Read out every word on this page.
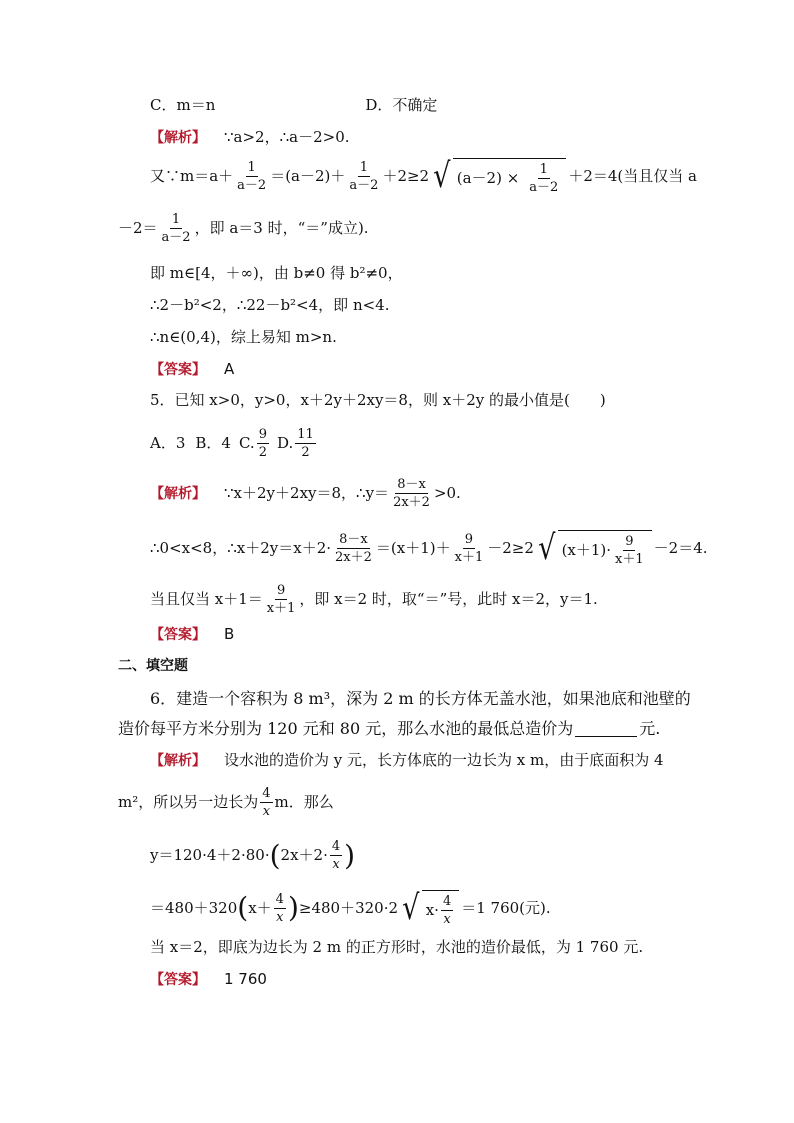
C．m＝n	D．不确定
【解析】 ∵a>2，∴a－2>0.
又∵m＝a＋ $\frac{1}{a-2} =(a-2)+ \frac{1}{a-2} +2\ge 2$ √ $(a-2) \times \frac{1}{a-2} +2=4$(当且仅当 a
$-2= \frac{1}{a-2}$ ，即 a＝3 时，“＝”成立).
即 m∈[4，＋∞)，由 b≠0 得 b²≠0，
∴2－b²<2，∴22－b²<4，即 n<4.
∴n∈(0,4)，综上易知 m>n.
【答案】 A
5．已知 x>0，y>0，x＋2y＋2xy＝8，则 x＋2y 的最小值是(　　)
A．3 B．4 C. $\frac{9}{2} D$. $\frac{11}{2}$
【解析】 ∵x＋2y＋2xy＝8，∴y＝ $\frac{8-x}{2x+2} >0$.
∴0<x<8，∴x＋2y＝x＋2· $\frac{8-x}{2x+2} =(x+1)+ \frac{9}{x+1} -2\ge 2$ √ $(x+1)\cdot \frac{9}{x+1} -2=4$.
当且仅当 $x+1= \frac{9}{x+1}$ ，即 x＝2 时，取“＝”号，此时 x＝2，y＝1.
【答案】 B
二、填空题
6．建造一个容积为 8 m³，深为 2 m 的长方体无盖水池，如果池底和池壁的
造价每平方米分别为 120 元和 80 元，那么水池的最低总造价为	元.
【解析】 设水池的造价为 y 元，长方体底的一边长为 x m，由于底面积为 4
m²，所以另一边长为 $\frac{4}{x}$ m．那么
y＝120·4＋2·80· ( $2x+2\cdot \frac{4}{x}$ )
＝480＋320 ( $x+ \frac{4}{x}$ ) ≥480＋320·2 √ $x\cdot \frac{4}{x} =1$ 760(元).
当 x＝2，即底为边长为 2 m 的正方形时，水池的造价最低，为 1 760 元.
【答案】 1 760
